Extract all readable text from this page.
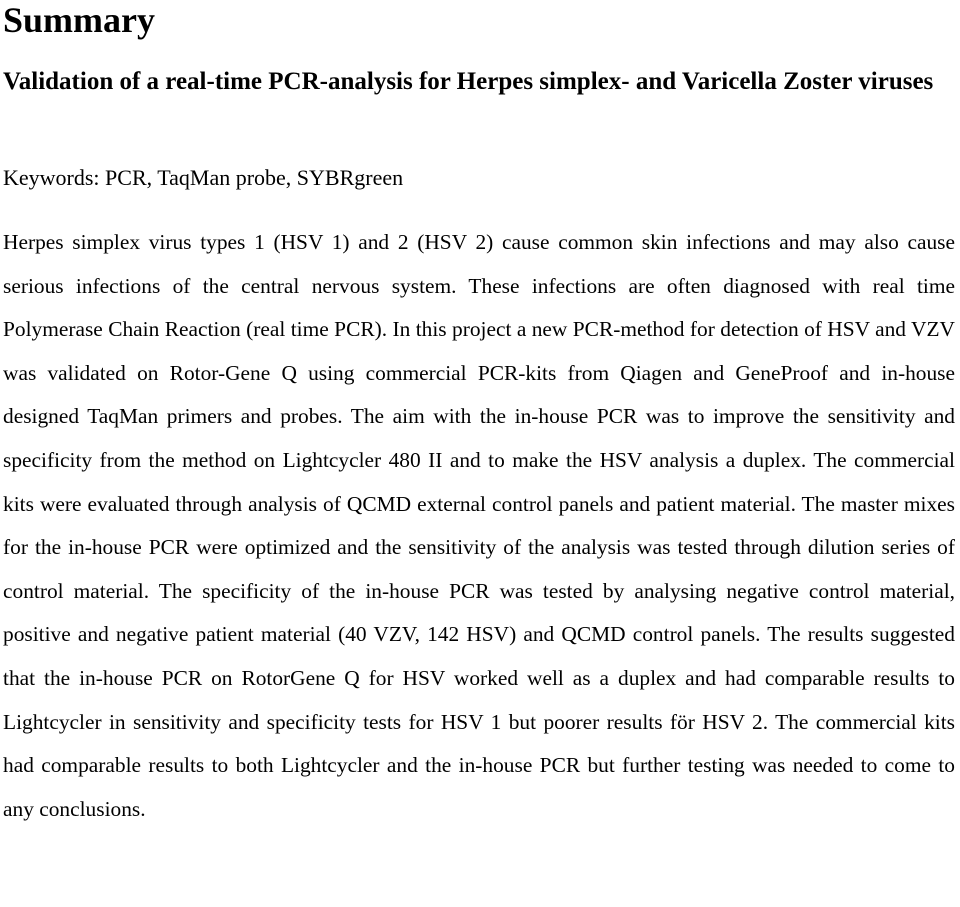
Summary
Validation of a real-time PCR-analysis for Herpes simplex- and Varicella Zoster viruses

Keywords: PCR, TaqMan probe, SYBRgreen

Herpes simplex virus types 1 (HSV 1) and 2 (HSV 2) cause common skin infections and may also cause serious infections of the central nervous system. These infections are often diagnosed with real time Polymerase Chain Reaction (real time PCR). In this project a new PCR-method for detection of HSV and VZV was validated on Rotor-Gene Q using commercial PCR-kits from Qiagen and GeneProof and in-house designed TaqMan primers and probes. The aim with the in-house PCR was to improve the sensitivity and specificity from the method on Lightcycler 480 II and to make the HSV analysis a duplex. The commercial kits were evaluated through analysis of QCMD external control panels and patient material. The master mixes for the in-house PCR were optimized and the sensitivity of the analysis was tested through dilution series of control material. The specificity of the in-house PCR was tested by analysing negative control material, positive and negative patient material (40 VZV, 142 HSV) and QCMD control panels. The results suggested that the in-house PCR on RotorGene Q for HSV worked well as a duplex and had comparable results to Lightcycler in sensitivity and specificity tests for HSV 1 but poorer results för HSV 2. The commercial kits had comparable results to both Lightcycler and the in-house PCR but further testing was needed to come to any conclusions.
